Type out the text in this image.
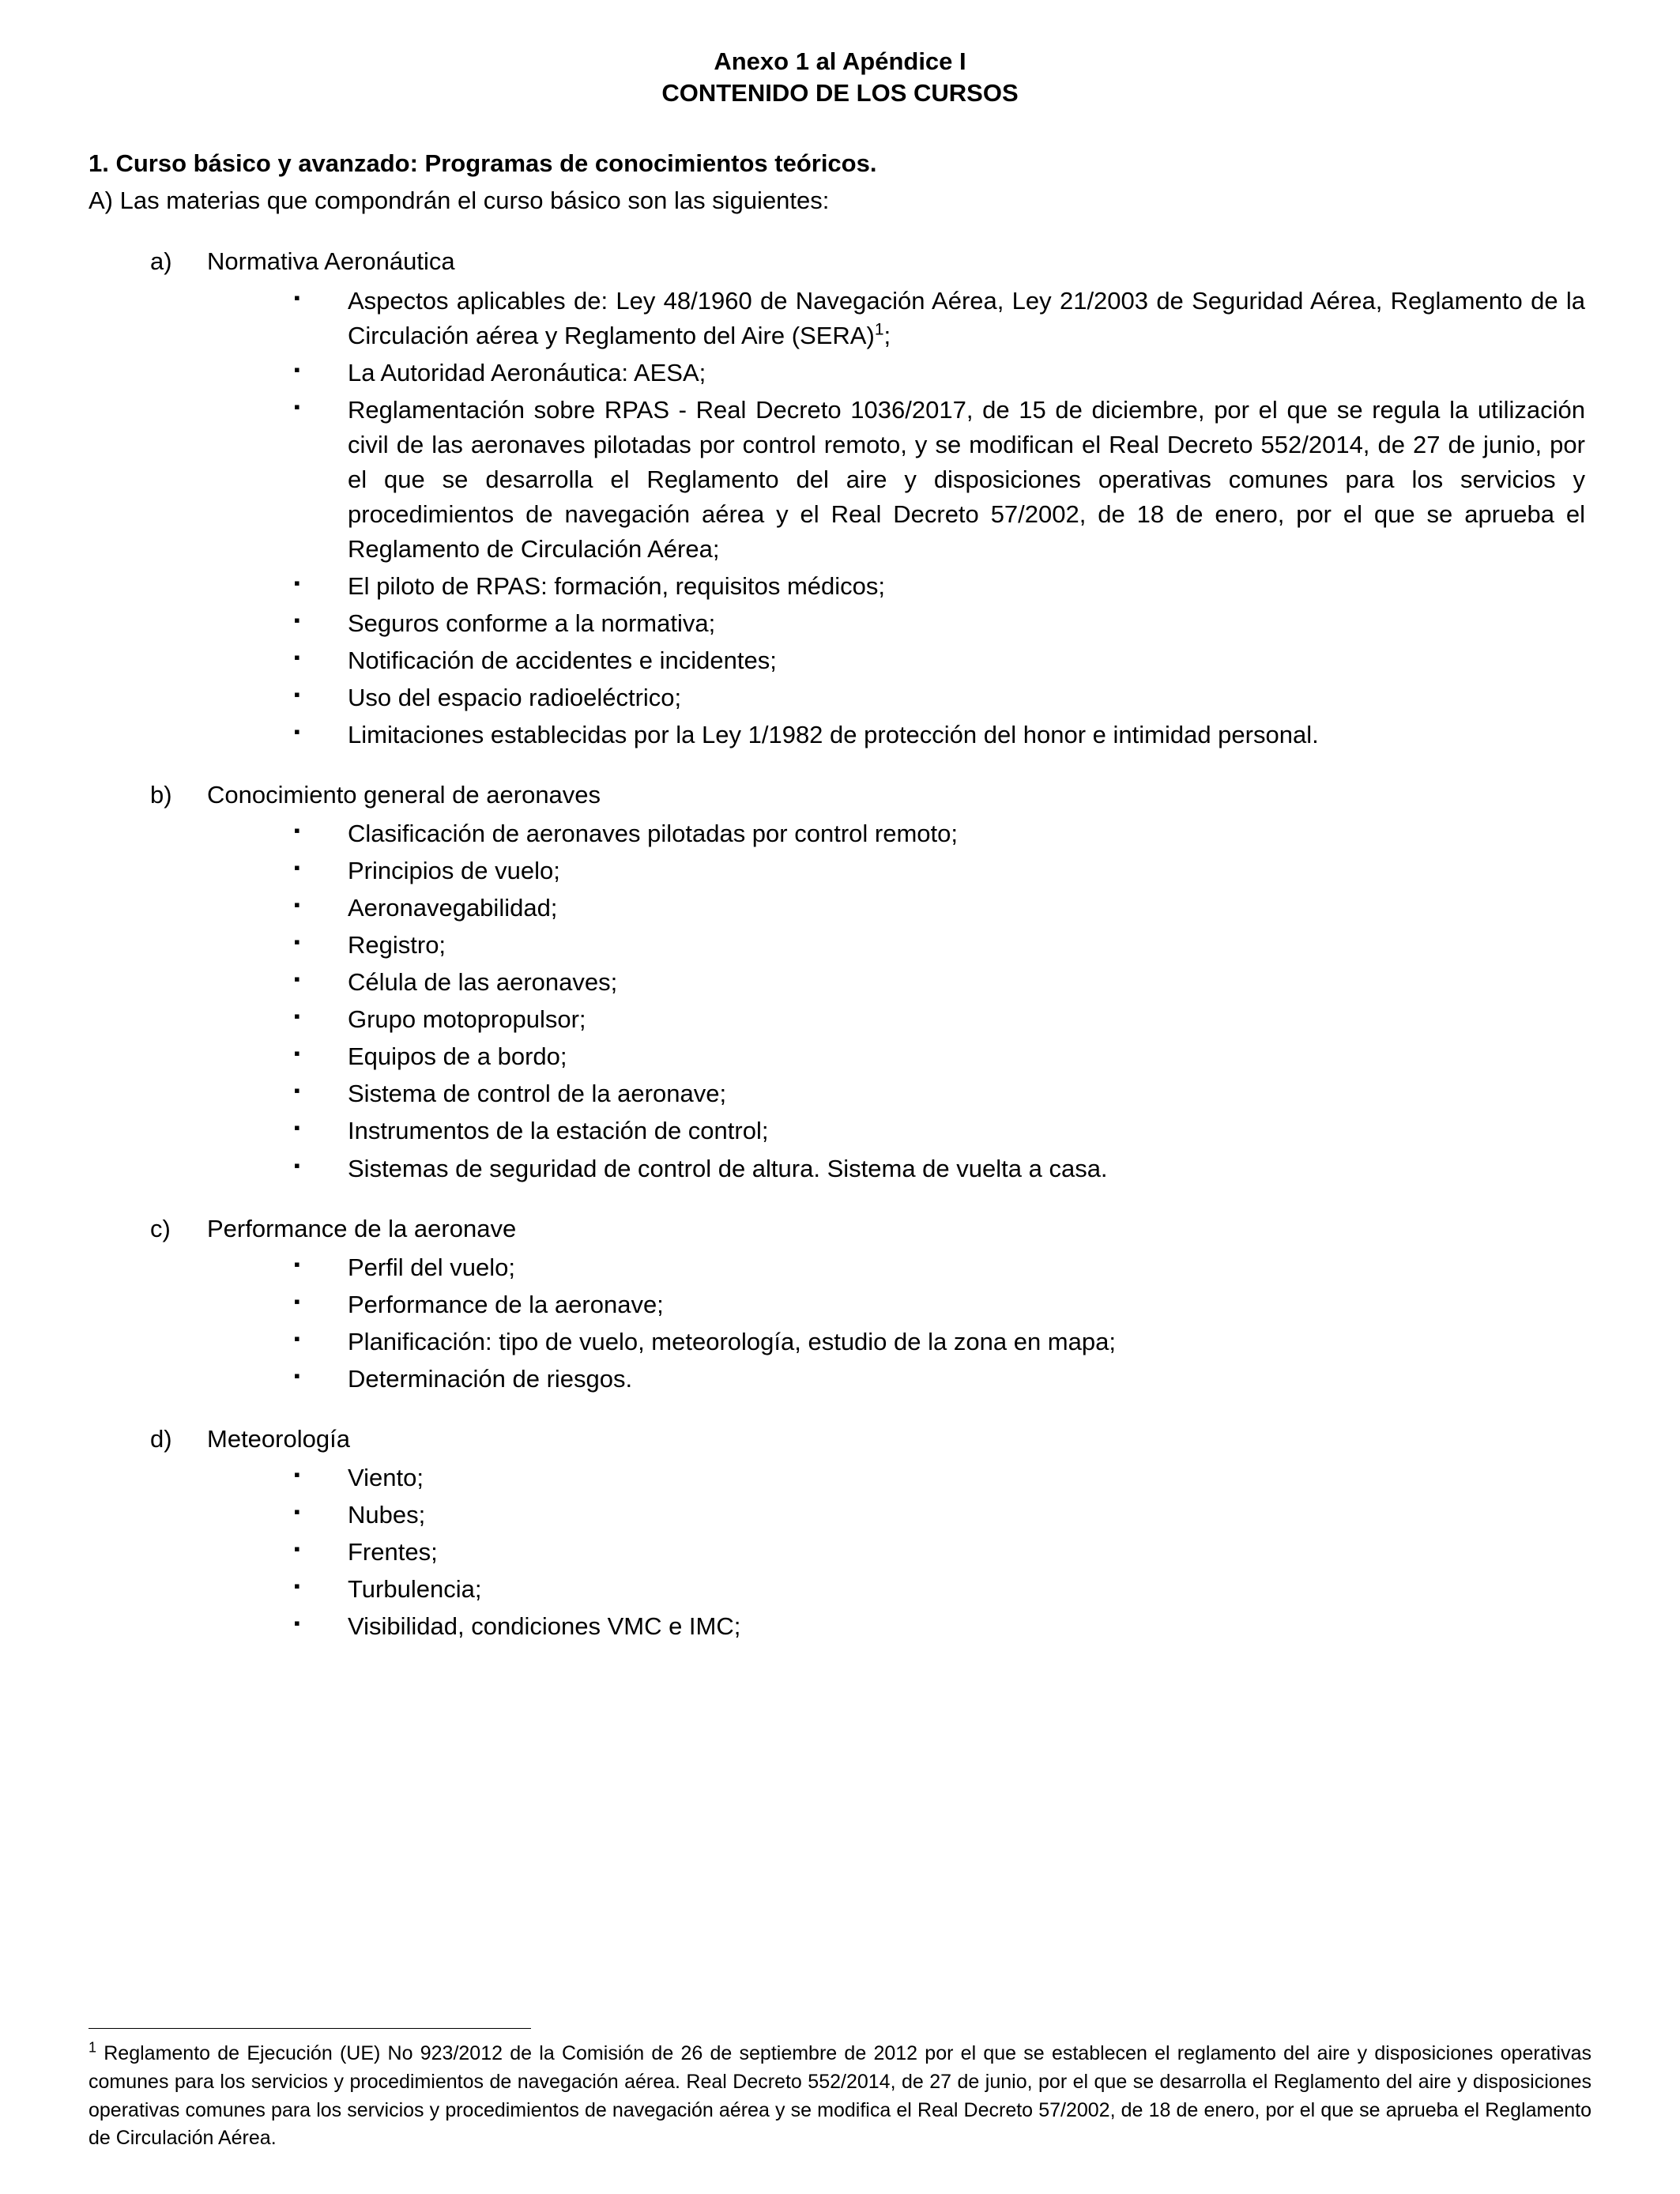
Anexo 1 al Apéndice I
CONTENIDO DE LOS CURSOS

1. Curso básico y avanzado: Programas de conocimientos teóricos.

A) Las materias que compondrán el curso básico son las siguientes:

a)	Normativa Aeronáutica
▪	Aspectos aplicables de: Ley 48/1960 de Navegación Aérea, Ley 21/2003 de Seguridad Aérea, Reglamento de la Circulación aérea y Reglamento del Aire (SERA)$^1$;
▪	La Autoridad Aeronáutica: AESA;
▪	Reglamentación sobre RPAS - Real Decreto 1036/2017, de 15 de diciembre, por el que se regula la utilización civil de las aeronaves pilotadas por control remoto, y se modifican el Real Decreto 552/2014, de 27 de junio, por el que se desarrolla el Reglamento del aire y disposiciones operativas comunes para los servicios y procedimientos de navegación aérea y el Real Decreto 57/2002, de 18 de enero, por el que se aprueba el Reglamento de Circulación Aérea;
▪	El piloto de RPAS: formación, requisitos médicos;
▪	Seguros conforme a la normativa;
▪	Notificación de accidentes e incidentes;
▪	Uso del espacio radioeléctrico;
▪	Limitaciones establecidas por la Ley 1/1982 de protección del honor e intimidad personal.
b)	Conocimiento general de aeronaves
▪	Clasificación de aeronaves pilotadas por control remoto;
▪	Principios de vuelo;
▪	Aeronavegabilidad;
▪	Registro;
▪	Célula de las aeronaves;
▪	Grupo motopropulsor;
▪	Equipos de a bordo;
▪	Sistema de control de la aeronave;
▪	Instrumentos de la estación de control;
▪	Sistemas de seguridad de control de altura. Sistema de vuelta a casa.
c)	Performance de la aeronave
▪	Perfil del vuelo;
▪	Performance de la aeronave;
▪	Planificación: tipo de vuelo, meteorología, estudio de la zona en mapa;
▪	Determinación de riesgos.
d)	Meteorología
▪	Viento;
▪	Nubes;
▪	Frentes;
▪	Turbulencia;
▪	Visibilidad, condiciones VMC e IMC;

$^1$ Reglamento de Ejecución (UE) No 923/2012 de la Comisión de 26 de septiembre de 2012 por el que se establecen el reglamento del aire y disposiciones operativas comunes para los servicios y procedimientos de navegación aérea. Real Decreto 552/2014, de 27 de junio, por el que se desarrolla el Reglamento del aire y disposiciones operativas comunes para los servicios y procedimientos de navegación aérea y se modifica el Real Decreto 57/2002, de 18 de enero, por el que se aprueba el Reglamento de Circulación Aérea.
